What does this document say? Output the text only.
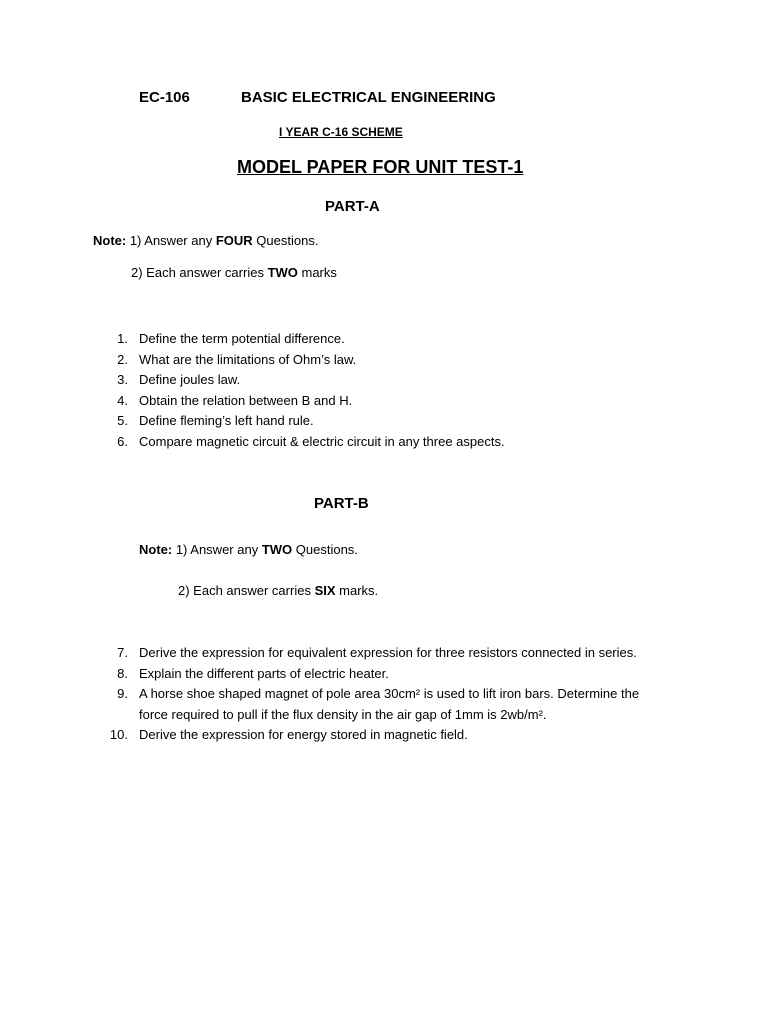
EC-106	BASIC ELECTRICAL ENGINEERING
I YEAR C-16 SCHEME
MODEL PAPER FOR UNIT TEST-1
PART-A
Note: 1) Answer any FOUR Questions.
2) Each answer carries TWO marks
1. Define the term potential difference.
2. What are the limitations of Ohm’s law.
3. Define joules law.
4. Obtain the relation between B and H.
5. Define fleming’s left hand rule.
6. Compare magnetic circuit & electric circuit in any three aspects.
PART-B
Note: 1) Answer any TWO Questions.
2) Each answer carries SIX marks.
7. Derive the expression for equivalent expression for three resistors connected in series.
8. Explain the different parts of electric heater.
9. A horse shoe shaped magnet of pole area 30cm² is used to lift iron bars. Determine the force required to pull if the flux density in the air gap of 1mm is 2wb/m².
10. Derive the expression for energy stored in magnetic field.
